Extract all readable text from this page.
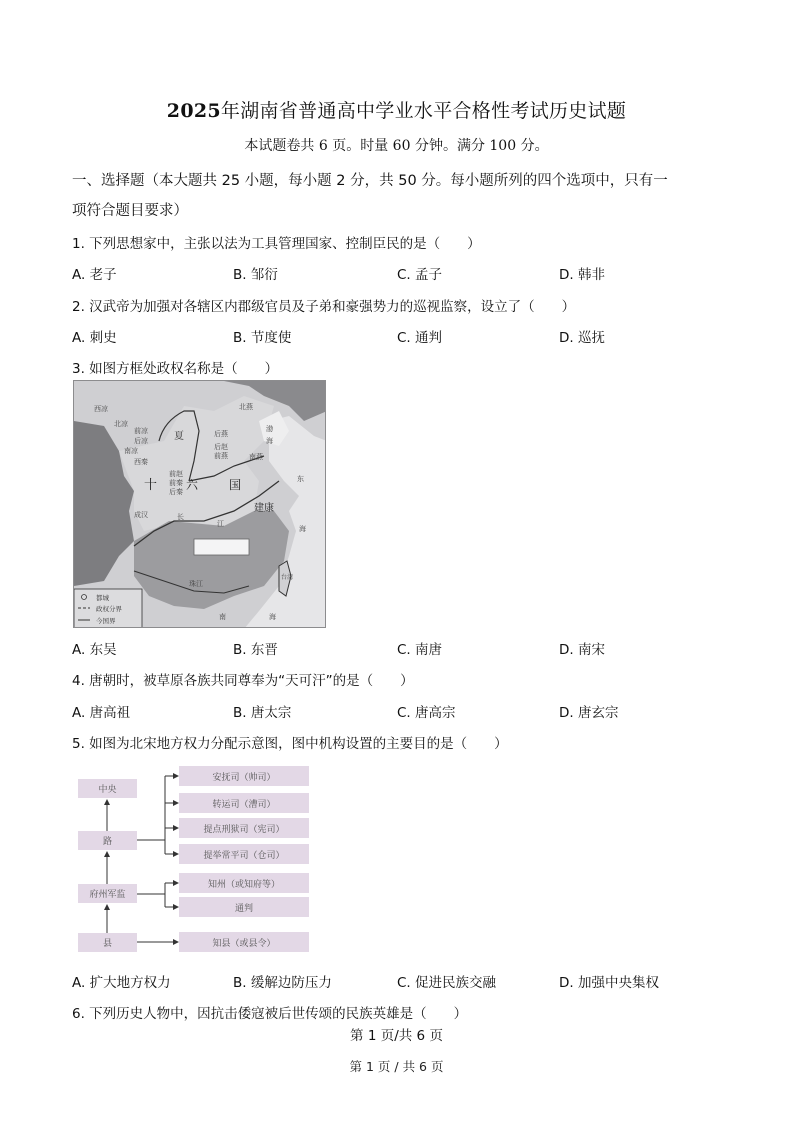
2025年湖南省普通高中学业水平合格性考试历史试题
本试题卷共 6 页。时量 60 分钟。满分 100 分。
一、选择题（本大题共 25 小题，每小题 2 分，共 50 分。每小题所列的四个选项中，只有一
项符合题目要求）
1. 下列思想家中，主张以法为工具管理国家、控制臣民的是（　　）
A. 老子	B. 邹衍	C. 孟子	D. 韩非
2. 汉武帝为加强对各辖区内郡级官员及子弟和豪强势力的巡视监察，设立了（　　）
A. 刺史	B. 节度使	C. 通判	D. 巡抚
3. 如图方框处政权名称是（　　）
西凉
北凉
前凉
后凉
南凉
西秦
夏
北燕
后燕
后赵
前燕	南燕
前赵
前秦
后秦
十 六	国
成汉	长
江
建康
东
海
渤
海
珠江
台湾
南	海
都城
政权分界
今国界
A. 东吴	B. 东晋	C. 南唐	D. 南宋
4. 唐朝时，被草原各族共同尊奉为“天可汗”的是（　　）
A. 唐高祖	B. 唐太宗	C. 唐高宗	D. 唐玄宗
5. 如图为北宋地方权力分配示意图，图中机构设置的主要目的是（　　）
中央
路
府州军监
县
安抚司（帅司）
转运司（漕司）
提点刑狱司（宪司）
提举常平司（仓司）
知州（或知府等）
通判
知县（或县令）
A. 扩大地方权力	B. 缓解边防压力	C. 促进民族交融	D. 加强中央集权
6. 下列历史人物中，因抗击倭寇被后世传颂的民族英雄是（　　）
第 1 页/共 6 页
第 1 页 / 共 6 页
